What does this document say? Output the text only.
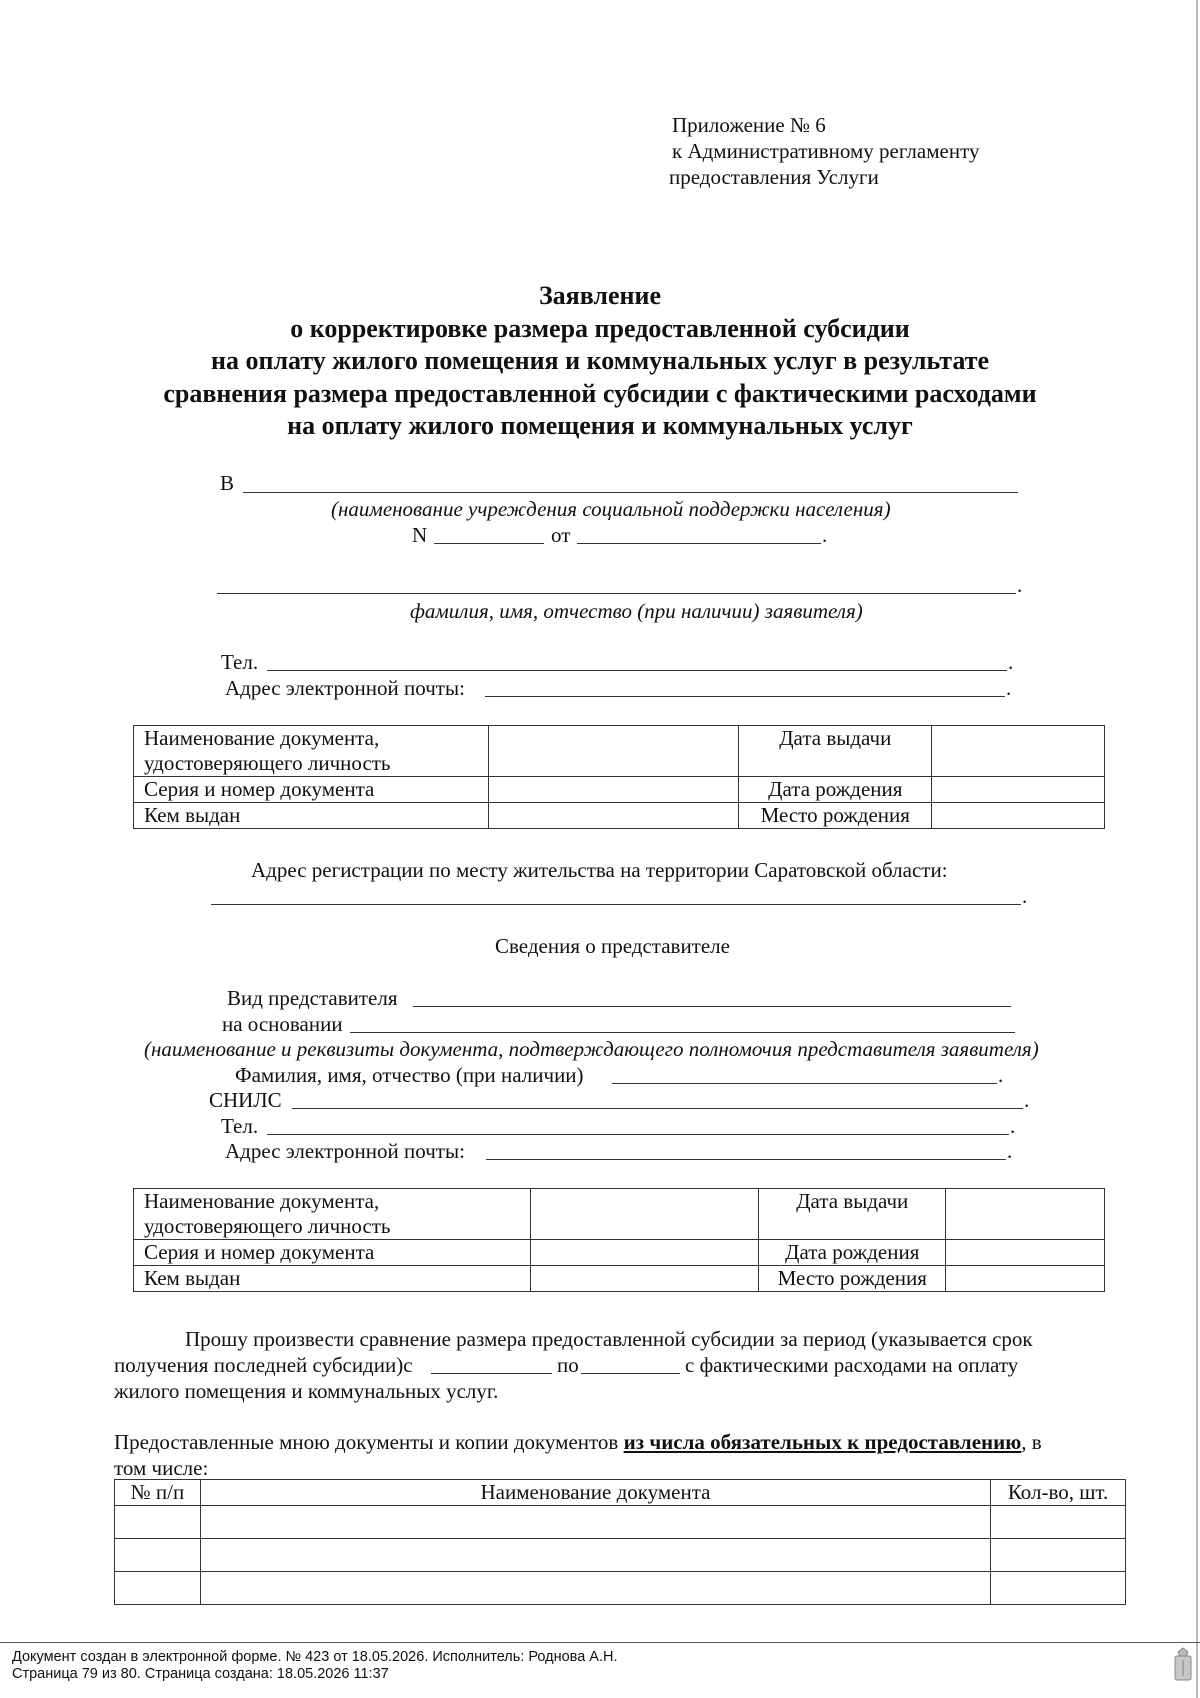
Приложение № 6
к Административному регламенту
предоставления Услуги
Заявление
о корректировке размера предоставленной субсидии
на оплату жилого помещения и коммунальных услуг в результате
сравнения размера предоставленной субсидии с фактическими расходами
на оплату жилого помещения и коммунальных услуг
В
(наименование учреждения социальной поддержки населения)
N	от	.
.
фамилия, имя, отчество (при наличии) заявителя)
Тел.	.
Адрес электронной почты:	.
Наименование документа,
удостоверяющего личность		Дата выдачи	
Серия и номер документа		Дата рождения	
Кем выдан		Место рождения	
Адрес регистрации по месту жительства на территории Саратовской области:
.
Сведения о представителе
Вид представителя
на основании
(наименование и реквизиты документа, подтверждающего полномочия представителя заявителя)
Фамилия, имя, отчество (при наличии)	.
СНИЛС	.
Тел.	.
Адрес электронной почты:	.
Наименование документа,
удостоверяющего личность		Дата выдачи	
Серия и номер документа		Дата рождения	
Кем выдан		Место рождения	
Прошу произвести сравнение размера предоставленной субсидии за период (указывается срок
получения последней субсидии)с	по	с фактическими расходами на оплату
жилого помещения и коммунальных услуг.
Предоставленные мною документы и копии документов из числа обязательных к предоставлению, в
том числе:
№ п/п	Наименование документа	Кол-во, шт.

Документ создан в электронной форме. № 423 от 18.05.2026. Исполнитель: Роднова А.Н.
Страница 79 из 80. Страница создана: 18.05.2026 11:37
